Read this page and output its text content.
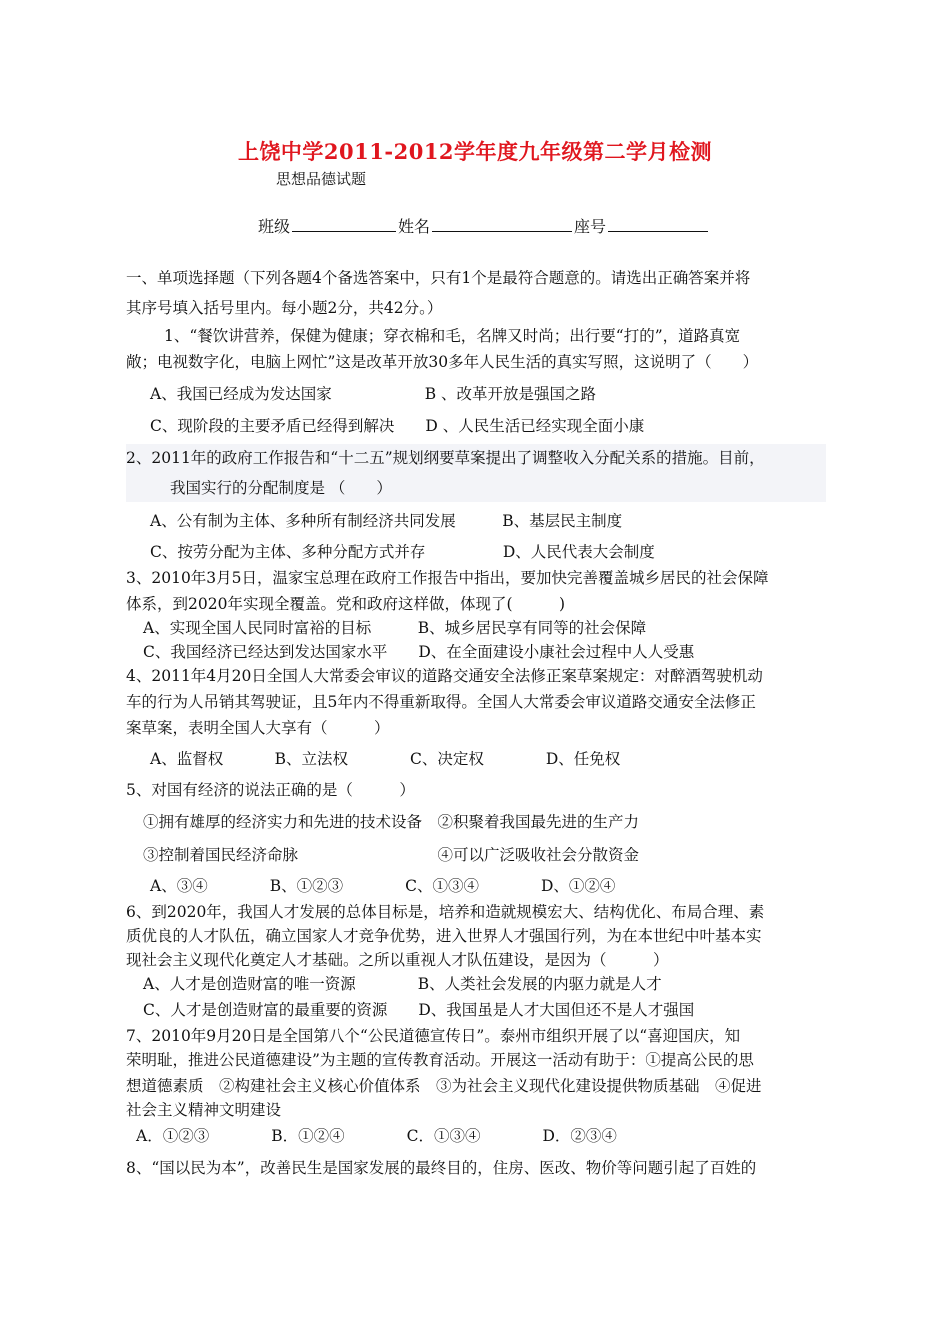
上饶中学2011-2012学年度九年级第二学月检测
思想品德试题
班级	姓名	座号
一、单项选择题（下列各题4个备选答案中，只有1个是最符合题意的。请选出正确答案并将
其序号填入括号里内。每小题2分，共42分。）
1、“餐饮讲营养，保健为健康；穿衣棉和毛，名牌又时尚；出行要“打的”，道路真宽
敞；电视数字化，电脑上网忙”这是改革开放30多年人民生活的真实写照，这说明了（　　）
A、我国已经成为发达国家　　　　　　B 、改革开放是强国之路
C、现阶段的主要矛盾已经得到解决　　D 、人民生活已经实现全面小康
2、2011年的政府工作报告和“十二五”规划纲要草案提出了调整收入分配关系的措施。目前，
我国实行的分配制度是 （　　）
A、公有制为主体、多种所有制经济共同发展　　　B、基层民主制度
C、按劳分配为主体、多种分配方式并存　　　　　D、人民代表大会制度
3、2010年3月5日，温家宝总理在政府工作报告中指出，要加快完善覆盖城乡居民的社会保障
体系，到2020年实现全覆盖。党和政府这样做，体现了(　　　)
A、实现全国人民同时富裕的目标　　　B、城乡居民享有同等的社会保障
C、我国经济已经达到发达国家水平　　D、在全面建设小康社会过程中人人受惠
4、2011年4月20日全国人大常委会审议的道路交通安全法修正案草案规定：对醉酒驾驶机动
车的行为人吊销其驾驶证，且5年内不得重新取得。全国人大常委会审议道路交通安全法修正
案草案，表明全国人大享有（　　　）
A、监督权　　　 B、立法权　　　　C、决定权　　　　D、任免权
5、对国有经济的说法正确的是（　　　）
①拥有雄厚的经济实力和先进的技术设备　②积聚着我国最先进的生产力
③控制着国民经济命脉　　　　　　　　　④可以广泛吸收社会分散资金
A、③④　　　　B、①②③　　　　C、①③④　　　　D、①②④
6、到2020年，我国人才发展的总体目标是，培养和造就规模宏大、结构优化、布局合理、素
质优良的人才队伍，确立国家人才竞争优势，进入世界人才强国行列，为在本世纪中叶基本实
现社会主义现代化奠定人才基础。之所以重视人才队伍建设，是因为（　　　）
A、人才是创造财富的唯一资源　　　　B、人类社会发展的内驱力就是人才
C、人才是创造财富的最重要的资源　　D、我国虽是人才大国但还不是人才强国
7、2010年9月20日是全国第八个“公民道德宣传日”。泰州市组织开展了以“喜迎国庆，知
荣明耻，推进公民道德建设”为主题的宣传教育活动。开展这一活动有助于：①提高公民的思
想道德素质　②构建社会主义核心价值体系　③为社会主义现代化建设提供物质基础　④促进
社会主义精神文明建设
A．①②③　　　　B．①②④　　　　C．①③④　　　　D．②③④
8、“国以民为本”，改善民生是国家发展的最终目的，住房、医改、物价等问题引起了百姓的
